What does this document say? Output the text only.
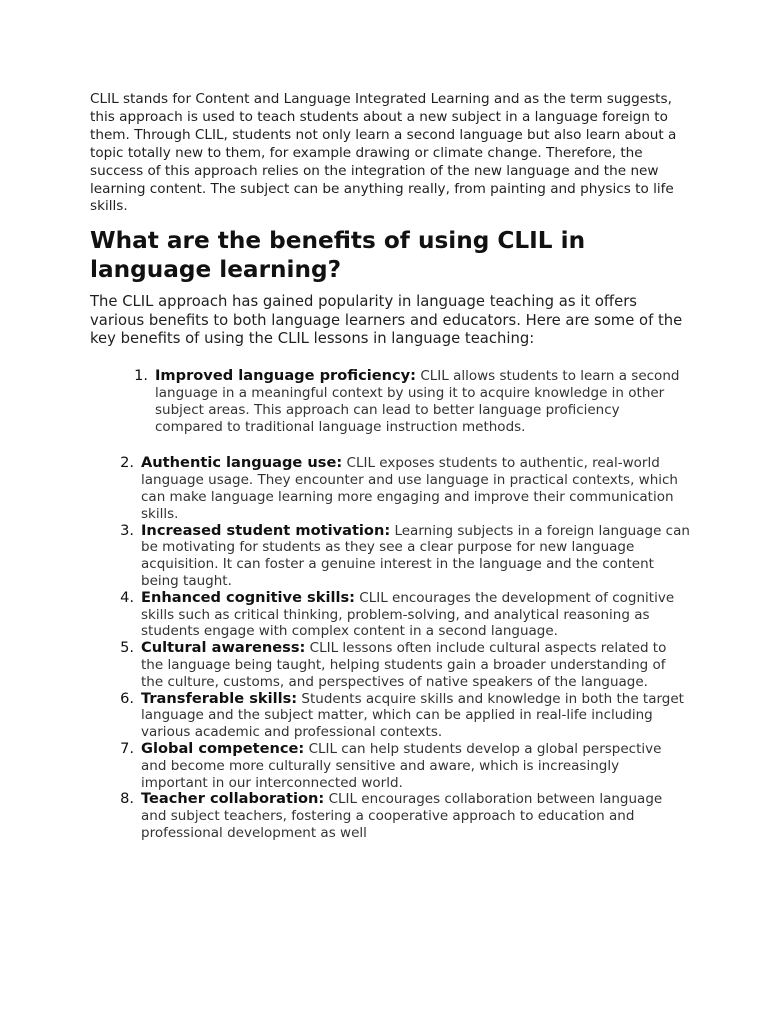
CLIL stands for Content and Language Integrated Learning and as the term suggests, this approach is used to teach students about a new subject in a language foreign to them. Through CLIL, students not only learn a second language but also learn about a topic totally new to them, for example drawing or climate change. Therefore, the success of this approach relies on the integration of the new language and the new learning content. The subject can be anything really, from painting and physics to life skills.

What are the benefits of using CLIL in language learning?

The CLIL approach has gained popularity in language teaching as it offers various benefits to both language learners and educators. Here are some of the key benefits of using the CLIL lessons in language teaching:

1. Improved language proficiency: CLIL allows students to learn a second language in a meaningful context by using it to acquire knowledge in other subject areas. This approach can lead to better language proficiency compared to traditional language instruction methods.
2. Authentic language use: CLIL exposes students to authentic, real-world language usage. They encounter and use language in practical contexts, which can make language learning more engaging and improve their communication skills.
3. Increased student motivation: Learning subjects in a foreign language can be motivating for students as they see a clear purpose for new language acquisition. It can foster a genuine interest in the language and the content being taught.
4. Enhanced cognitive skills: CLIL encourages the development of cognitive skills such as critical thinking, problem-solving, and analytical reasoning as students engage with complex content in a second language.
5. Cultural awareness: CLIL lessons often include cultural aspects related to the language being taught, helping students gain a broader understanding of the culture, customs, and perspectives of native speakers of the language.
6. Transferable skills: Students acquire skills and knowledge in both the target language and the subject matter, which can be applied in real-life including various academic and professional contexts.
7. Global competence: CLIL can help students develop a global perspective and become more culturally sensitive and aware, which is increasingly important in our interconnected world.
8. Teacher collaboration: CLIL encourages collaboration between language and subject teachers, fostering a cooperative approach to education and professional development as well
